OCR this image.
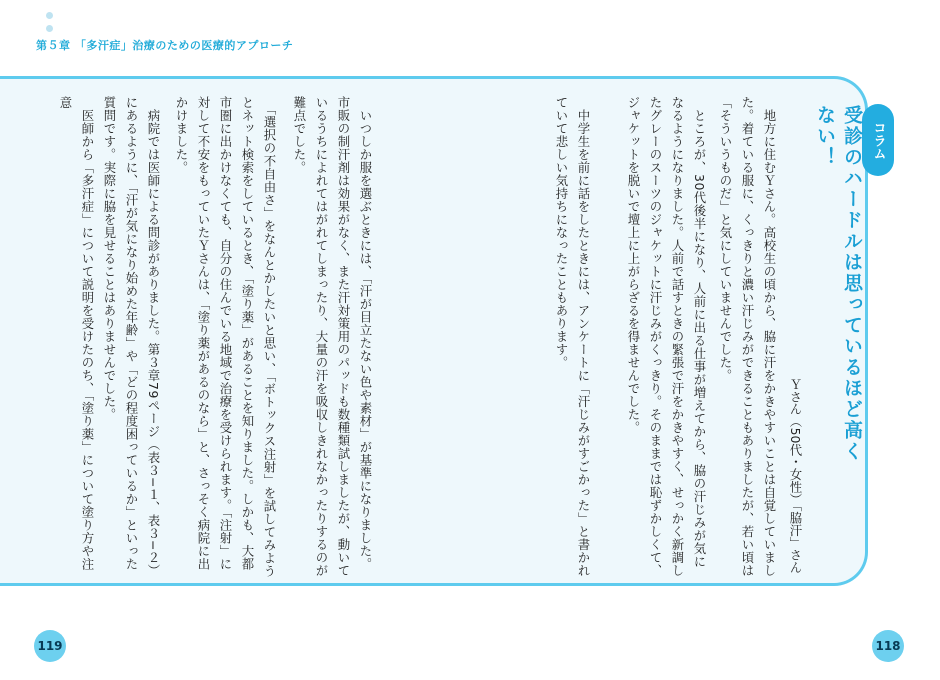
第５章 「多汗症」治療のための医療的アプローチ
コラム
受診のハードルは思っているほど高くない！
Ｙさん（50代・女性）「脇汗」さん
　地方に住むＹさん。高校生の頃から、脇に汗をかきやすいことは自覚していました。着ている服に、くっきりと濃い汗じみができることもありましたが、若い頃は「そういうものだ」と気にしていませんでした。
　ところが、30代後半になり、人前に出る仕事が増えてから、脇の汗じみが気になるようになりました。人前で話すときの緊張で汗をかきやすく、せっかく新調したグレーのスーツのジャケットに汗じみがくっきり。そのままでは恥ずかしくて、ジャケットを脱いで壇上に上がらざるを得ませんでした。
　中学生を前に話をしたときには、アンケートに「汗じみがすごかった」と書かれていて悲しい気持ちになったこともあります。
　いつしか服を選ぶときには、「汗が目立たない色や素材」が基準になりました。市販の制汗剤は効果がなく、また汗対策用のパッドも数種類試しましたが、動いているうちによれてはがれてしまったり、大量の汗を吸収しきれなかったりするのが難点でした。
　「選択の不自由さ」をなんとかしたいと思い、「ボトックス注射」を試してみようとネット検索をしているとき、「塗り薬」があることを知りました。しかも、大都市圏に出かけなくても、自分の住んでいる地域で治療を受けられます。「注射」に対して不安をもっていたＹさんは、「塗り薬があるのなら」と、さっそく病院に出かけました。
　病院では医師による問診がありました。第３章79ページ（表３−１、表３−２）にあるように、「汗が気になり始めた年齢」や「どの程度困っているか」といった質問です。実際に脇を見せることはありませんでした。
　医師から「多汗症」について説明を受けたのち、「塗り薬」について塗り方や注意
119	118
